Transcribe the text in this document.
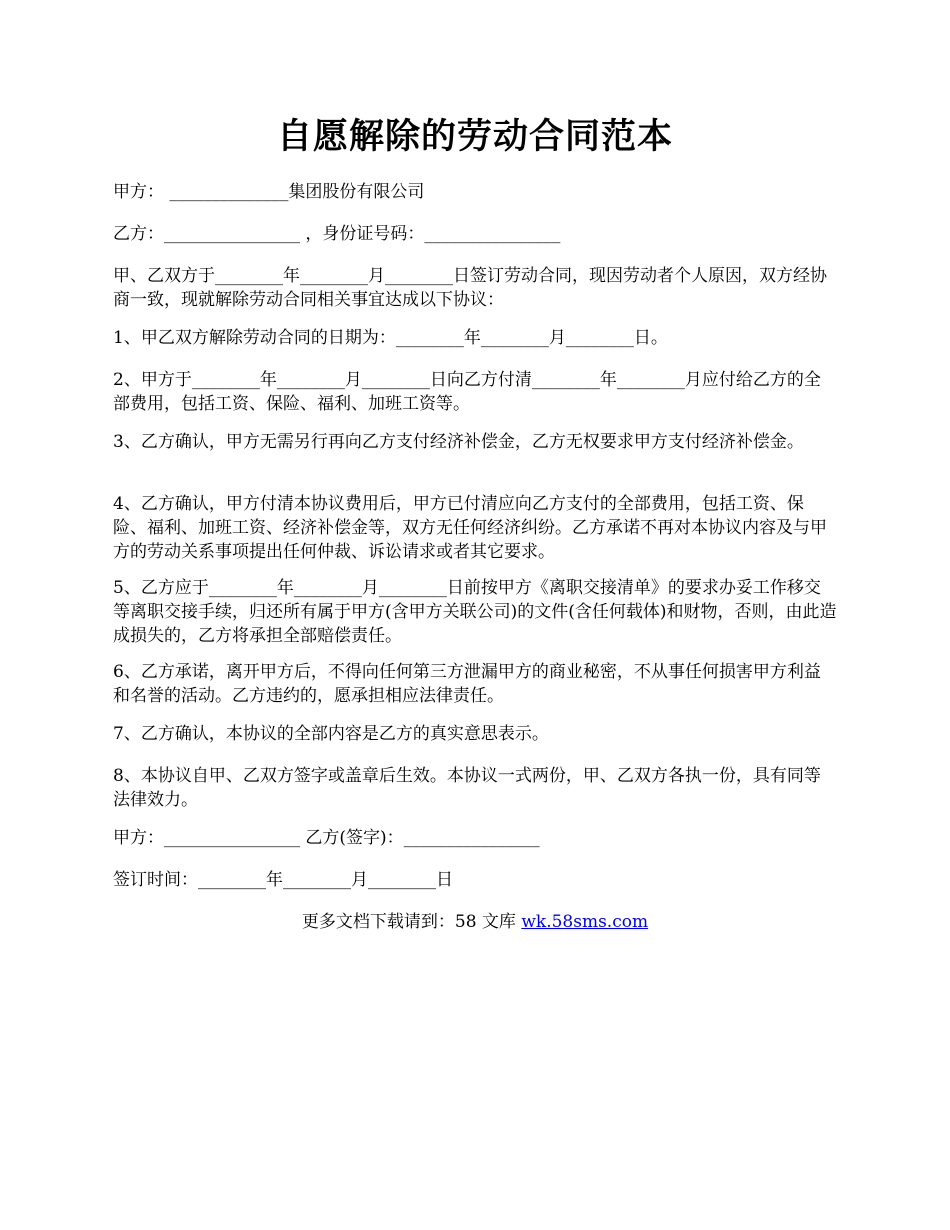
自愿解除的劳动合同范本
甲方： ______________集团股份有限公司
乙方：________________ ，身份证号码：________________
甲、乙双方于________年________月________日签订劳动合同，现因劳动者个人原因，双方经协商一致，现就解除劳动合同相关事宜达成以下协议：
1、甲乙双方解除劳动合同的日期为：________年________月________日。
2、甲方于________年________月________日向乙方付清________年________月应付给乙方的全部费用，包括工资、保险、福利、加班工资等。
3、乙方确认，甲方无需另行再向乙方支付经济补偿金，乙方无权要求甲方支付经济补偿金。
4、乙方确认，甲方付清本协议费用后，甲方已付清应向乙方支付的全部费用，包括工资、保险、福利、加班工资、经济补偿金等，双方无任何经济纠纷。乙方承诺不再对本协议内容及与甲方的劳动关系事项提出任何仲裁、诉讼请求或者其它要求。
5、乙方应于________年________月________日前按甲方《离职交接清单》的要求办妥工作移交等离职交接手续，归还所有属于甲方(含甲方关联公司)的文件(含任何载体)和财物，否则，由此造成损失的，乙方将承担全部赔偿责任。
6、乙方承诺，离开甲方后，不得向任何第三方泄漏甲方的商业秘密，不从事任何损害甲方利益和名誉的活动。乙方违约的，愿承担相应法律责任。
7、乙方确认，本协议的全部内容是乙方的真实意思表示。
8、本协议自甲、乙双方签字或盖章后生效。本协议一式两份，甲、乙双方各执一份，具有同等法律效力。
甲方：________________ 乙方(签字)：________________
签订时间：________年________月________日
更多文档下载请到：58 文库 wk.58sms.com
